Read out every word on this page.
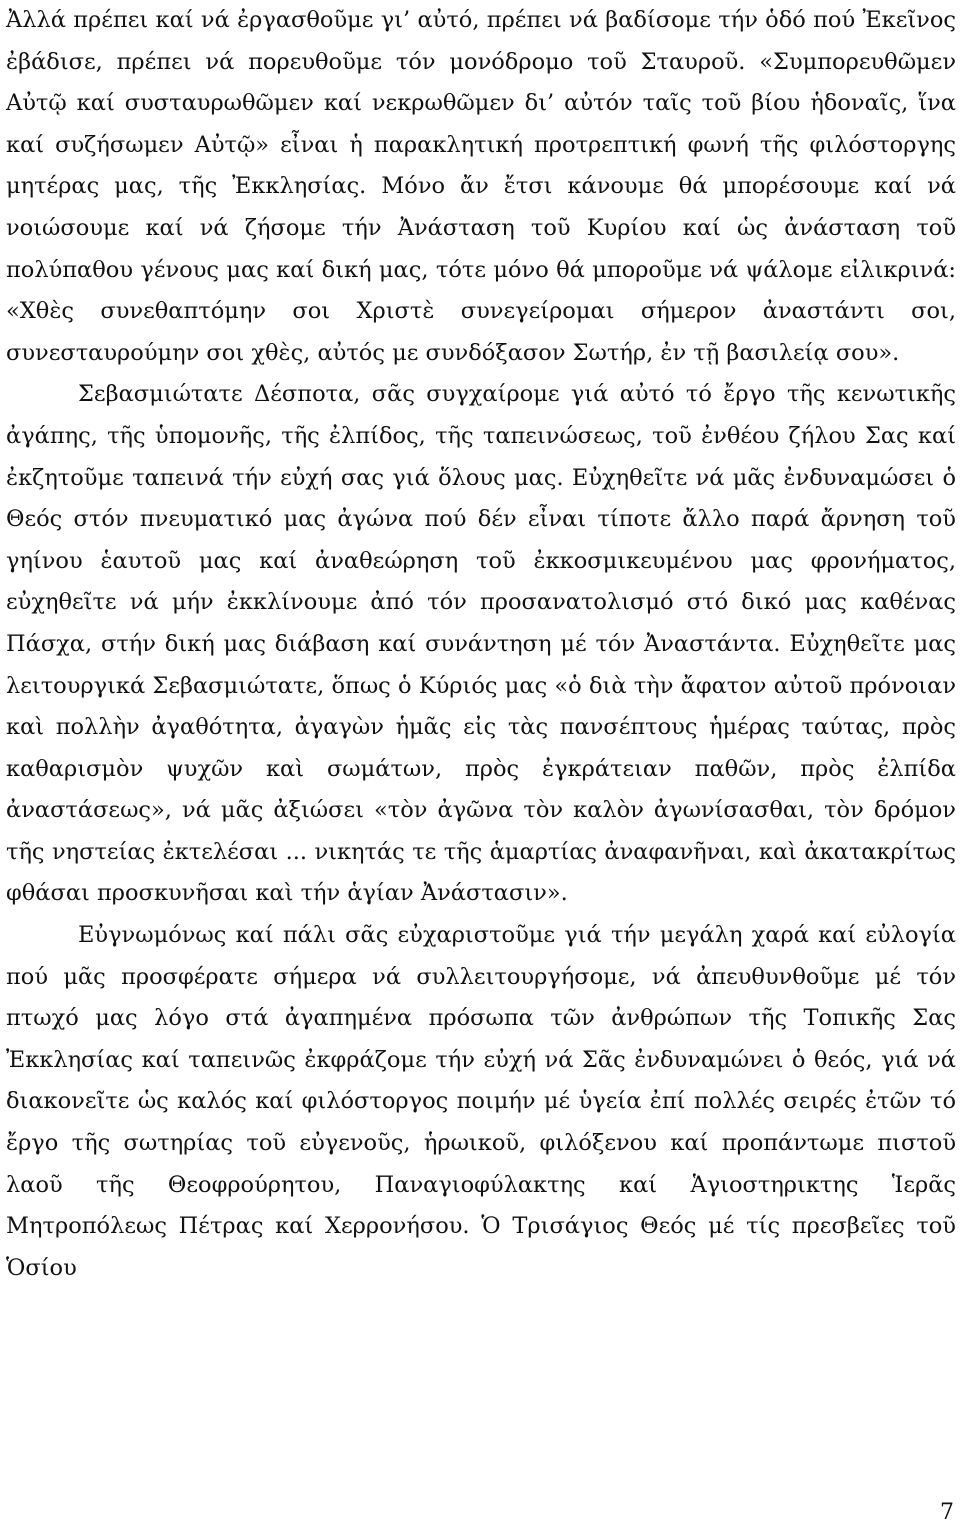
Ἀλλά πρέπει καί νά ἐργασθοῦμε γι’ αὐτό, πρέπει νά βαδίσομε τήν ὁδό πού Ἐκεῖνος ἐβάδισε, πρέπει νά πορευθοῦμε τόν μονόδρομο τοῦ Σταυροῦ. «Συμπορευθῶμεν Αὐτῷ καί συσταυρωθῶμεν καί νεκρωθῶμεν δι’ αὐτόν ταῖς τοῦ βίου ἡδοναῖς, ἵνα καί συζήσωμεν Αὐτῷ» εἶναι ἡ παρακλητική προτρεπτική φωνή τῆς φιλόστοργης μητέρας μας, τῆς Ἐκκλησίας. Μόνο ἄν ἔτσι κάνουμε θά μπορέσουμε καί νά νοιώσουμε καί νά ζήσομε τήν Ἀνάσταση τοῦ Κυρίου καί ὡς ἀνάσταση τοῦ πολύπαθου γένους μας καί δική μας, τότε μόνο θά μποροῦμε νά ψάλομε εἰλικρινά: «Χθὲς συνεθαπτόμην σοι Χριστὲ συνεγείρομαι σήμερον ἀναστάντι σοι, συνεσταυρούμην σοι χθὲς, αὐτός με συνδόξασον Σωτήρ, ἐν τῇ βασιλείᾳ σου».

Σεβασμιώτατε Δέσποτα, σᾶς συγχαίρομε γιά αὐτό τό ἔργο τῆς κενωτικῆς ἀγάπης, τῆς ὑπομονῆς, τῆς ἐλπίδος, τῆς ταπεινώσεως, τοῦ ἐνθέου ζήλου Σας καί ἐκζητοῦμε ταπεινά τήν εὐχή σας γιά ὅλους μας. Εὐχηθεῖτε νά μᾶς ἐνδυναμώσει ὁ Θεός στόν πνευματικό μας ἀγώνα πού δέν εἶναι τίποτε ἄλλο παρά ἄρνηση τοῦ γηίνου ἑαυτοῦ μας καί ἀναθεώρηση τοῦ ἐκκοσμικευμένου μας φρονήματος, εὐχηθεῖτε νά μήν ἐκκλίνουμε ἀπό τόν προσανατολισμό στό δικό μας καθένας Πάσχα, στήν δική μας διάβαση καί συνάντηση μέ τόν Ἀναστάντα. Εὐχηθεῖτε μας λειτουργικά Σεβασμιώτατε, ὅπως ὁ Κύριός μας «ὁ διὰ τὴν ἄφατον αὐτοῦ πρόνοιαν καὶ πολλὴν ἀγαθότητα, ἀγαγὼν ἡμᾶς εἰς τὰς πανσέπτους ἡμέρας ταύτας, πρὸς καθαρισμὸν ψυχῶν καὶ σωμάτων, πρὸς ἐγκράτειαν παθῶν, πρὸς ἐλπίδα ἀναστάσεως», νά μᾶς ἀξιώσει «τὸν ἀγῶνα τὸν καλὸν ἀγωνίσασθαι, τὸν δρόμον τῆς νηστείας ἐκτελέσαι ... νικητάς τε τῆς ἁμαρτίας ἀναφανῆναι, καὶ ἀκατακρίτως φθάσαι προσκυνῆσαι καὶ τήν ἁγίαν Ἀνάστασιν».

Εὐγνωμόνως καί πάλι σᾶς εὐχαριστοῦμε γιά τήν μεγάλη χαρά καί εὐλογία πού μᾶς προσφέρατε σήμερα νά συλλειτουργήσομε, νά ἀπευθυνθοῦμε μέ τόν πτωχό μας λόγο στά ἀγαπημένα πρόσωπα τῶν ἀνθρώπων τῆς Τοπικῆς Σας Ἐκκλησίας καί ταπεινῶς ἐκφράζομε τήν εὐχή νά Σᾶς ἐνδυναμώνει ὁ θεός, γιά νά διακονεῖτε ὡς καλός καί φιλόστοργος ποιμήν μέ ὑγεία ἐπί πολλές σειρές ἐτῶν τό ἔργο τῆς σωτηρίας τοῦ εὐγενοῦς, ἡρωικοῦ, φιλόξενου καί προπάντωμε πιστοῦ λαοῦ τῆς Θεοφρούρητου, Παναγιοφύλακτης καί Ἁγιοστηρικτης Ἱερᾶς Μητροπόλεως Πέτρας καί Χερρονήσου. Ὁ Τρισάγιος Θεός μέ τίς πρεσβεῖες τοῦ Ὁσίου

7
